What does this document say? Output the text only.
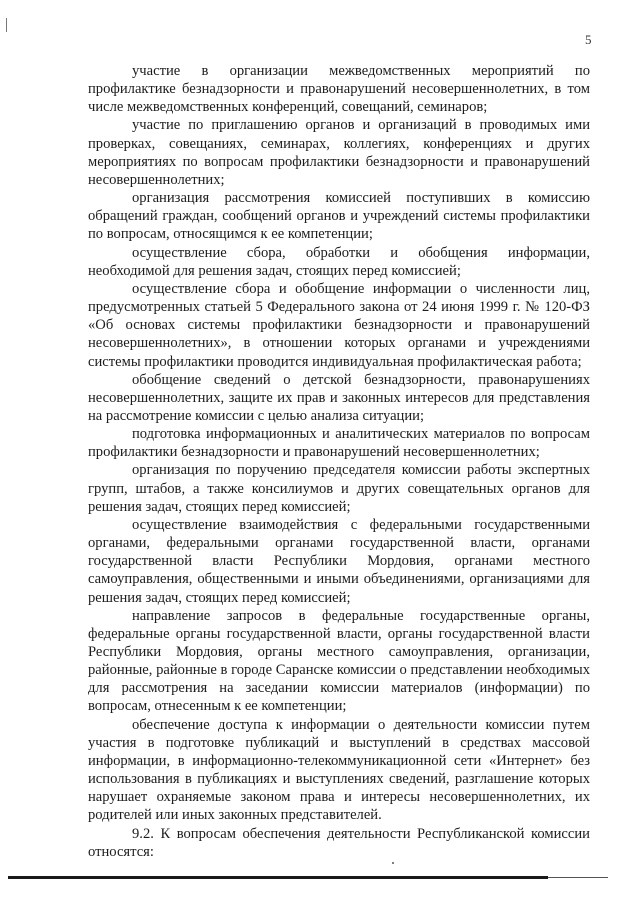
5

участие в организации межведомственных мероприятий по профилактике безнадзорности и правонарушений несовершеннолетних, в том числе межведомственных конференций, совещаний, семинаров;

участие по приглашению органов и организаций в проводимых ими проверках, совещаниях, семинарах, коллегиях, конференциях и других мероприятиях по вопросам профилактики безнадзорности и правонарушений несовершеннолетних;

организация рассмотрения комиссией поступивших в комиссию обращений граждан, сообщений органов и учреждений системы профилактики по вопросам, относящимся к ее компетенции;

осуществление сбора, обработки и обобщения информации, необходимой для решения задач, стоящих перед комиссией;

осуществление сбора и обобщение информации о численности лиц, предусмотренных статьей 5 Федерального закона от 24 июня 1999 г. № 120-ФЗ «Об основах системы профилактики безнадзорности и правонарушений несовершеннолетних», в отношении которых органами и учреждениями системы профилактики проводится индивидуальная профилактическая работа;

обобщение сведений о детской безнадзорности, правонарушениях несовершеннолетних, защите их прав и законных интересов для представления на рассмотрение комиссии с целью анализа ситуации;

подготовка информационных и аналитических материалов по вопросам профилактики безнадзорности и правонарушений несовершеннолетних;

организация по поручению председателя комиссии работы экспертных групп, штабов, а также консилиумов и других совещательных органов для решения задач, стоящих перед комиссией;

осуществление взаимодействия с федеральными государственными органами, федеральными органами государственной власти, органами государственной власти Республики Мордовия, органами местного самоуправления, общественными и иными объединениями, организациями для решения задач, стоящих перед комиссией;

направление запросов в федеральные государственные органы, федеральные органы государственной власти, органы государственной власти Республики Мордовия, органы местного самоуправления, организации, районные, районные в городе Саранске комиссии о представлении необходимых для рассмотрения на заседании комиссии материалов (информации) по вопросам, отнесенным к ее компетенции;

обеспечение доступа к информации о деятельности комиссии путем участия в подготовке публикаций и выступлений в средствах массовой информации, в информационно-телекоммуникационной сети «Интернет» без использования в публикациях и выступлениях сведений, разглашение которых нарушает охраняемые законом права и интересы несовершеннолетних, их родителей или иных законных представителей.

9.2. К вопросам обеспечения деятельности Республиканской комиссии относятся:
